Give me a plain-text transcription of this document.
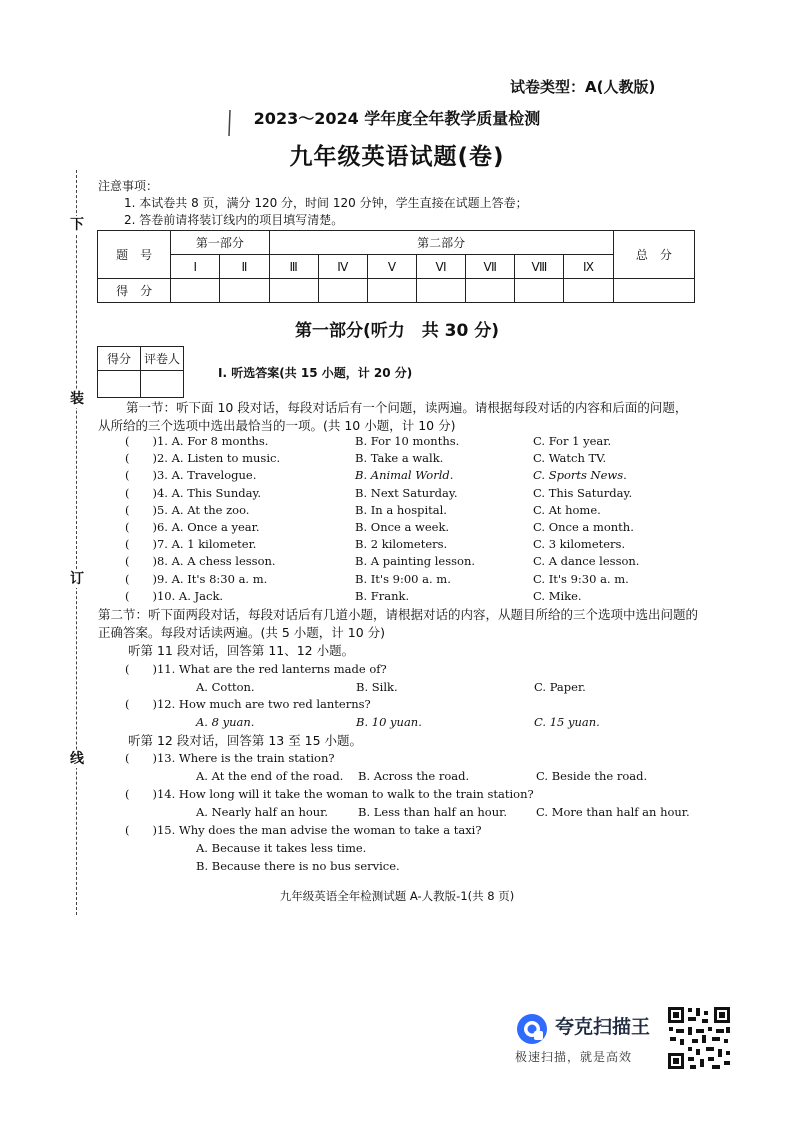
试卷类型：A(人教版)
2023～2024 学年度全年教学质量检测
九年级英语试题(卷)
下
装
订
线
注意事项：
1. 本试卷共 8 页，满分 120 分，时间 120 分钟，学生直接在试题上答卷；
2. 答卷前请将装订线内的项目填写清楚。
题　号	第一部分		第二部分							总　分
	Ⅰ	Ⅱ	Ⅲ	Ⅳ	Ⅴ	Ⅵ	Ⅶ	Ⅷ	Ⅸ	
得　分										
第一部分(听力　共 30 分)
得分	评卷人

Ⅰ. 听选答案(共 15 小题，计 20 分)
第一节：听下面 10 段对话，每段对话后有一个问题，读两遍。请根据每段对话的内容和后面的问题，从所给的三个选项中选出最恰当的一项。(共 10 小题，计 10 分)
(　　)1. A. For 8 months.	B. For 10 months.	C. For 1 year.
(　　)2. A. Listen to music.	B. Take a walk.	C. Watch TV.
(　　)3. A. Travelogue.	B. Animal World.	C. Sports News.
(　　)4. A. This Sunday.	B. Next Saturday.	C. This Saturday.
(　　)5. A. At the zoo.	B. In a hospital.	C. At home.
(　　)6. A. Once a year.	B. Once a week.	C. Once a month.
(　　)7. A. 1 kilometer.	B. 2 kilometers.	C. 3 kilometers.
(　　)8. A. A chess lesson.	B. A painting lesson.	C. A dance lesson.
(　　)9. A. It's 8:30 a. m.	B. It's 9:00 a. m.	C. It's 9:30 a. m.
(　　)10. A. Jack.	B. Frank.	C. Mike.
第二节：听下面两段对话，每段对话后有几道小题，请根据对话的内容，从题目所给的三个选项中选出问题的正确答案。每段对话读两遍。(共 5 小题，计 10 分)
听第 11 段对话，回答第 11、12 小题。
(　　)11. What are the red lanterns made of?
A. Cotton.	B. Silk.	C. Paper.
(　　)12. How much are two red lanterns?
A. 8 yuan.	B. 10 yuan.	C. 15 yuan.
听第 12 段对话，回答第 13 至 15 小题。
(　　)13. Where is the train station?
A. At the end of the road. B. Across the road.	C. Beside the road.
(　　)14. How long will it take the woman to walk to the train station?
A. Nearly half an hour.	B. Less than half an hour.	C. More than half an hour.
(　　)15. Why does the man advise the woman to take a taxi?
A. Because it takes less time.
B. Because there is no bus service.
九年级英语全年检测试题 A-人教版-1(共 8 页)
夸克扫描王
极速扫描，就是高效
